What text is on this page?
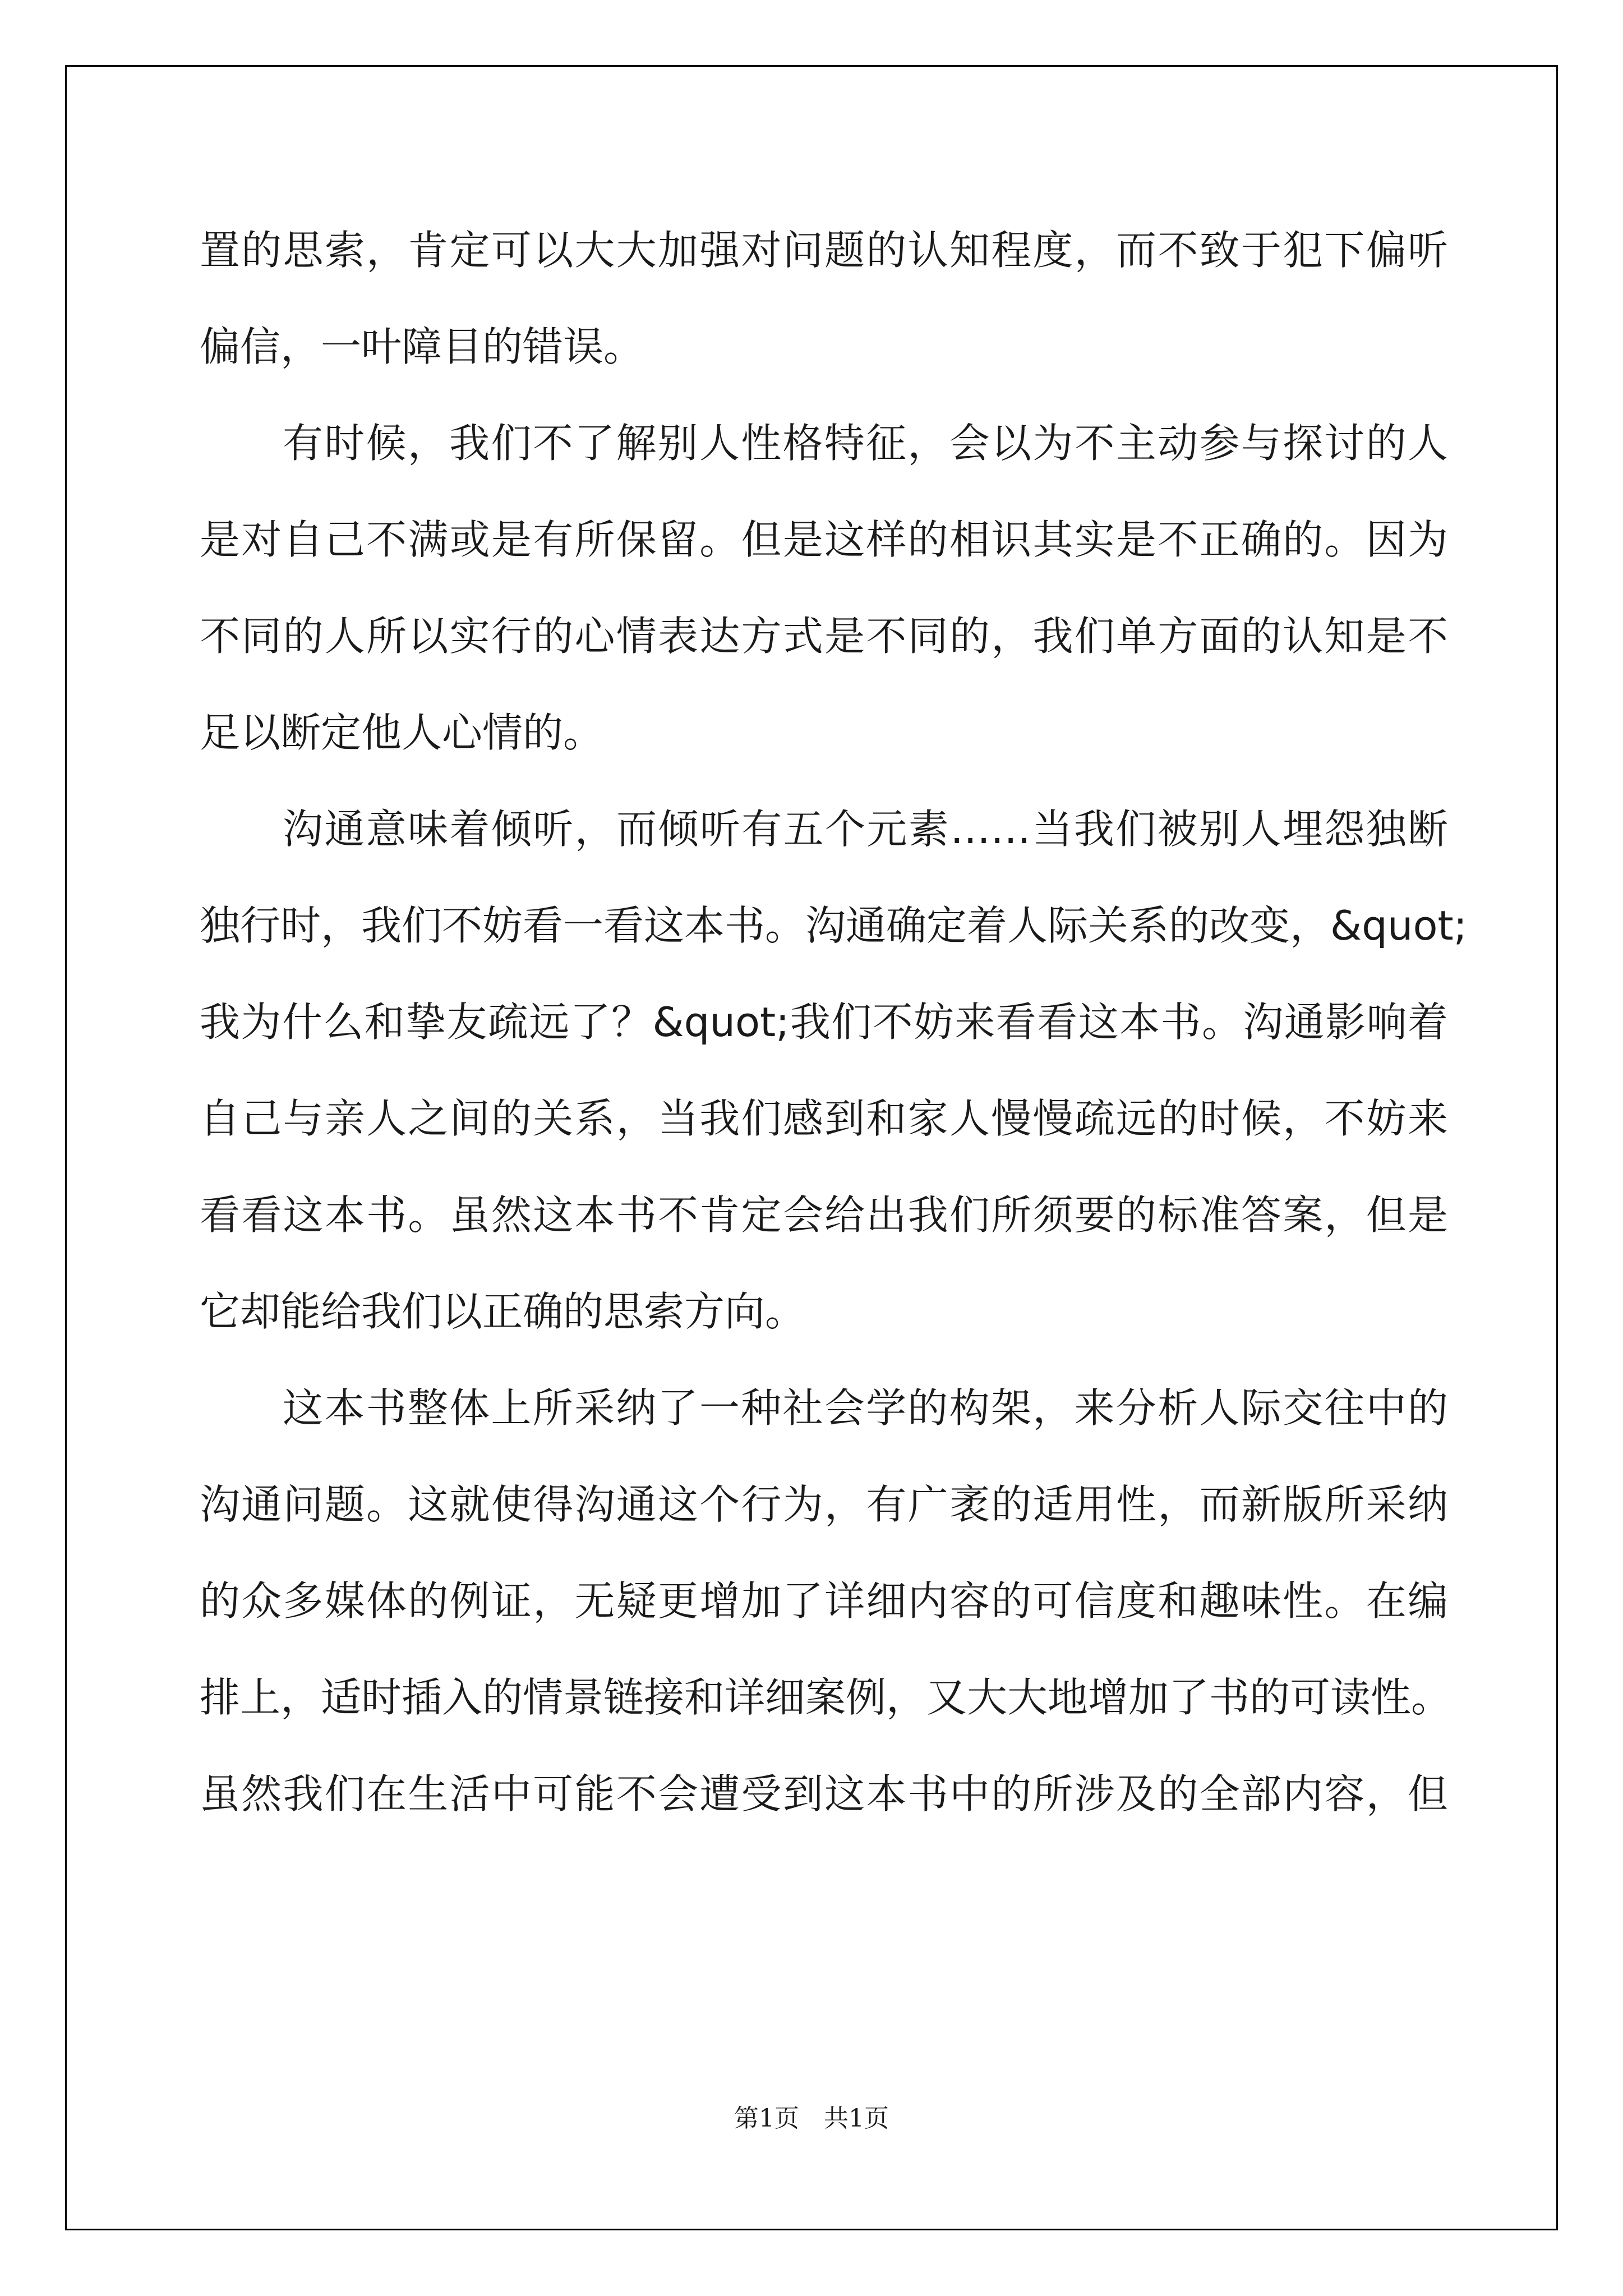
置的思索，肯定可以大大加强对问题的认知程度，而不致于犯下偏听
偏信，一叶障目的错误。
有时候，我们不了解别人性格特征，会以为不主动参与探讨的人
是对自己不满或是有所保留。但是这样的相识其实是不正确的。因为
不同的人所以实行的心情表达方式是不同的，我们单方面的认知是不
足以断定他人心情的。
沟通意味着倾听，而倾听有五个元素……当我们被别人埋怨独断
独行时，我们不妨看一看这本书。沟通确定着人际关系的改变，&quot;
我为什么和挚友疏远了？&quot;我们不妨来看看这本书。沟通影响着
自己与亲人之间的关系，当我们感到和家人慢慢疏远的时候，不妨来
看看这本书。虽然这本书不肯定会给出我们所须要的标准答案，但是
它却能给我们以正确的思索方向。
这本书整体上所采纳了一种社会学的构架，来分析人际交往中的
沟通问题。这就使得沟通这个行为，有广袤的适用性，而新版所采纳
的众多媒体的例证，无疑更增加了详细内容的可信度和趣味性。在编
排上，适时插入的情景链接和详细案例，又大大地增加了书的可读性。
虽然我们在生活中可能不会遭受到这本书中的所涉及的全部内容，但
第1页　共1页
